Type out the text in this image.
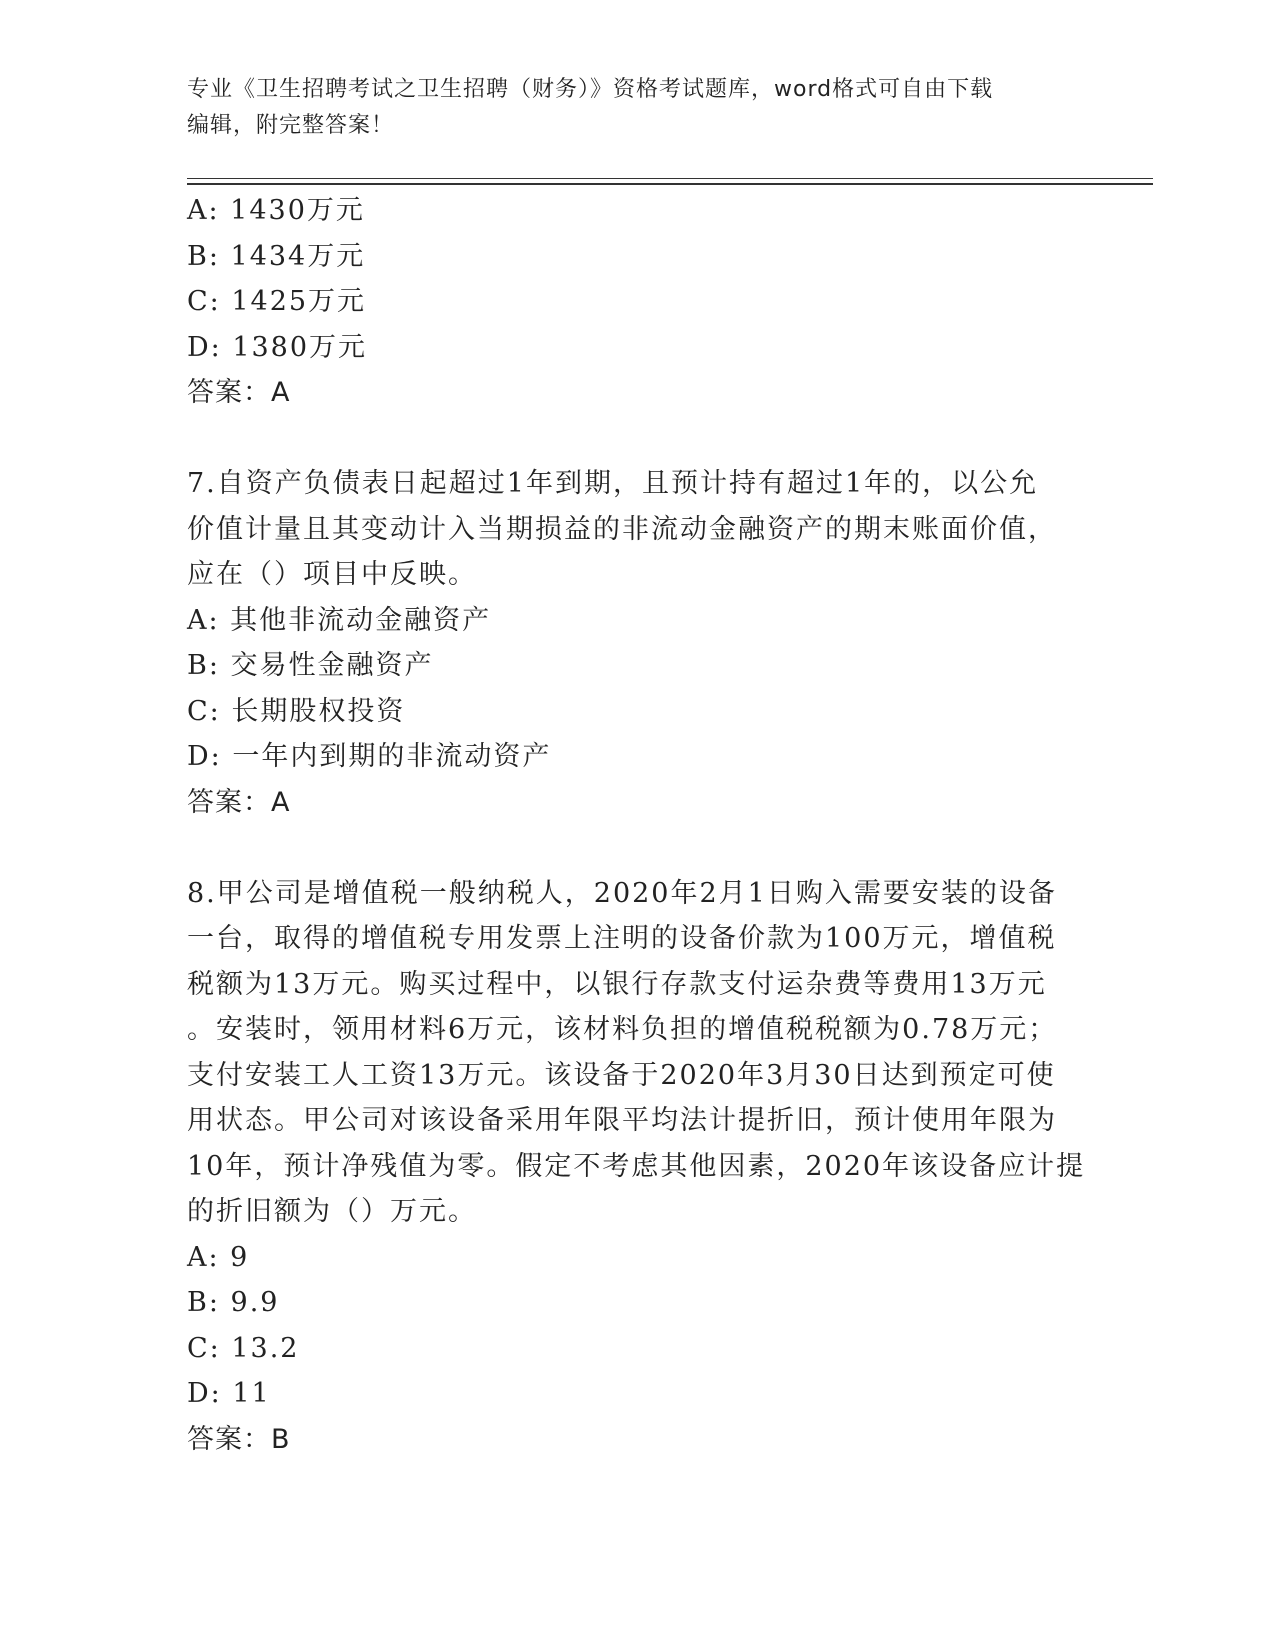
专业《卫生招聘考试之卫生招聘（财务）》资格考试题库，word格式可自由下载
编辑，附完整答案！
A: 1430万元
B: 1434万元
C: 1425万元
D: 1380万元
答案：A
7.自资产负债表日起超过1年到期，且预计持有超过1年的，以公允
价值计量且其变动计入当期损益的非流动金融资产的期末账面价值，
应在（）项目中反映。
A: 其他非流动金融资产
B: 交易性金融资产
C: 长期股权投资
D: 一年内到期的非流动资产
答案：A
8.甲公司是增值税一般纳税人，2020年2月1日购入需要安装的设备
一台，取得的增值税专用发票上注明的设备价款为100万元，增值税
税额为13万元。购买过程中，以银行存款支付运杂费等费用13万元
。安装时，领用材料6万元，该材料负担的增值税税额为0.78万元；
支付安装工人工资13万元。该设备于2020年3月30日达到预定可使
用状态。甲公司对该设备采用年限平均法计提折旧，预计使用年限为
10年，预计净残值为零。假定不考虑其他因素，2020年该设备应计提
的折旧额为（）万元。
A: 9
B: 9.9
C: 13.2
D: 11
答案：B
